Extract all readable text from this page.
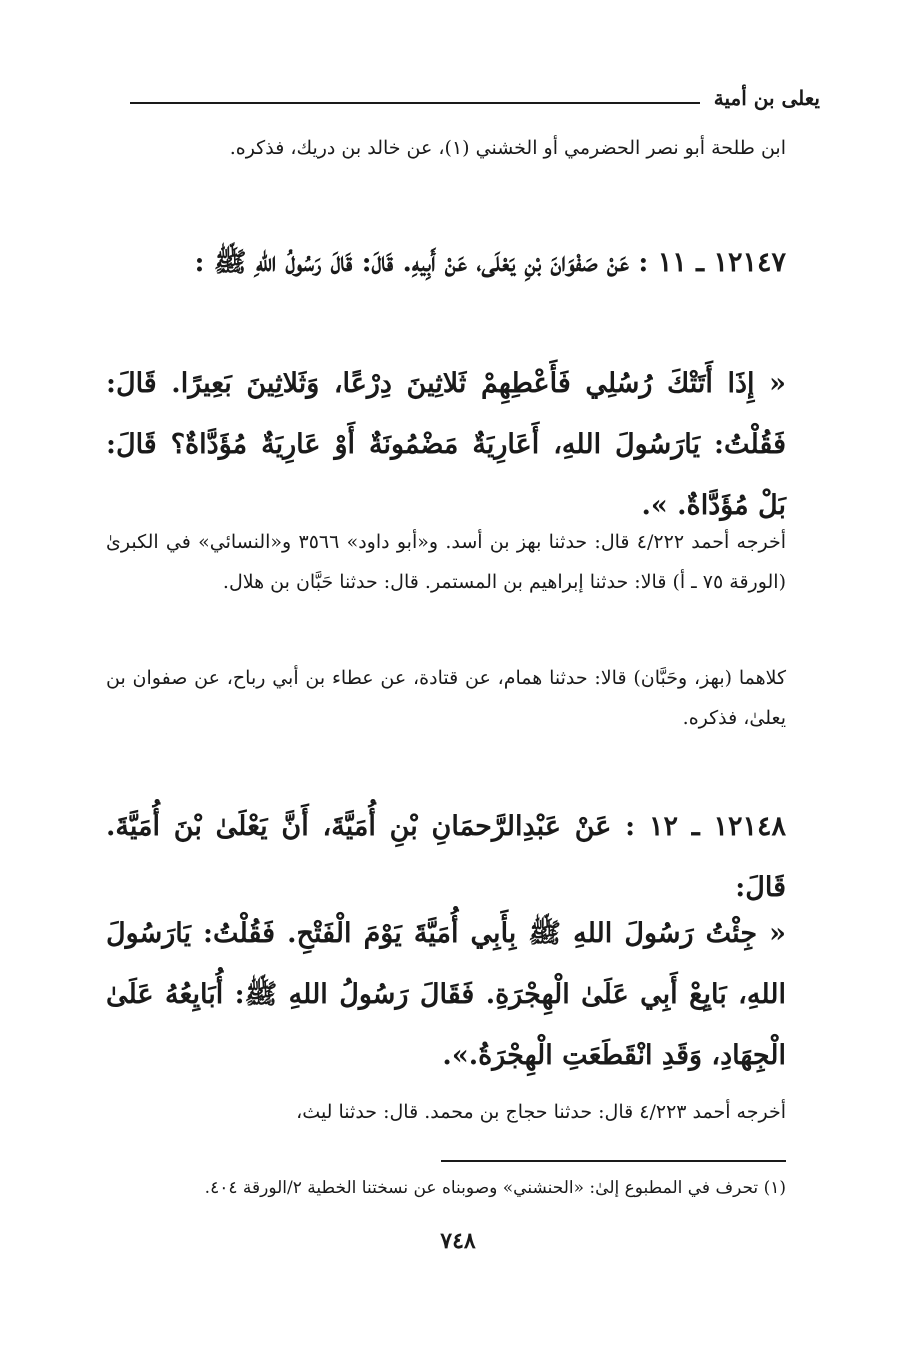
يعلى بن أمية

ابن طلحة أبو نصر الحضرمي أو الخشني (١)، عن خالد بن دريك، فذكره.

١٢١٤٧ ـ ١١ : عَنْ صَفْوَانَ بْنِ يَعْلَى، عَنْ أَبِيهِ. قَالَ: قَالَ رَسُولُ اللهِ ﷺ :

« إِذَا أَتَتْكَ رُسُلِي فَأَعْطِهِمْ ثَلاثِينَ دِرْعًا، وَثَلاثِينَ بَعِيرًا. قَالَ: فَقُلْتُ: يَارَسُولَ اللهِ، أَعَارِيَةٌ مَضْمُونَةٌ أَوْ عَارِيَةٌ مُؤَدَّاةٌ؟ قَالَ: بَلْ مُؤَدَّاةٌ. ».

أخرجه أحمد ٤/٢٢٢ قال: حدثنا بهز بن أسد. و«أبو داود» ٣٥٦٦ و«النسائي» في الكبرىٰ (الورقة ٧٥ ـ أ) قالا: حدثنا إبراهيم بن المستمر. قال: حدثنا حَبَّان بن هلال.

كلاهما (بهز، وحَبَّان) قالا: حدثنا همام، عن قتادة، عن عطاء بن أبي رباح، عن صفوان بن يعلىٰ، فذكره.

١٢١٤٨ ـ ١٢ : عَنْ عَبْدِالرَّحمَانِ بْنِ أُمَيَّةَ، أَنَّ يَعْلَىٰ بْنَ أُمَيَّةَ. قَالَ:

« جِئْتُ رَسُولَ اللهِ ﷺ بِأَبِي أُمَيَّةَ يَوْمَ الْفَتْحِ. فَقُلْتُ: يَارَسُولَ اللهِ، بَايِعْ أَبِي عَلَىٰ الْهِجْرَةِ. فَقَالَ رَسُولُ اللهِ ﷺ: أُبَايِعُهُ عَلَىٰ الْجِهَادِ، وَقَدِ انْقَطَعَتِ الْهِجْرَةُ.».

أخرجه أحمد ٤/٢٢٣ قال: حدثنا حجاج بن محمد. قال: حدثنا ليث،

(١) تحرف في المطبوع إلىٰ: «الحنشني» وصوبناه عن نسختنا الخطية ٢/الورقة ٤٠٤.

٧٤٨
